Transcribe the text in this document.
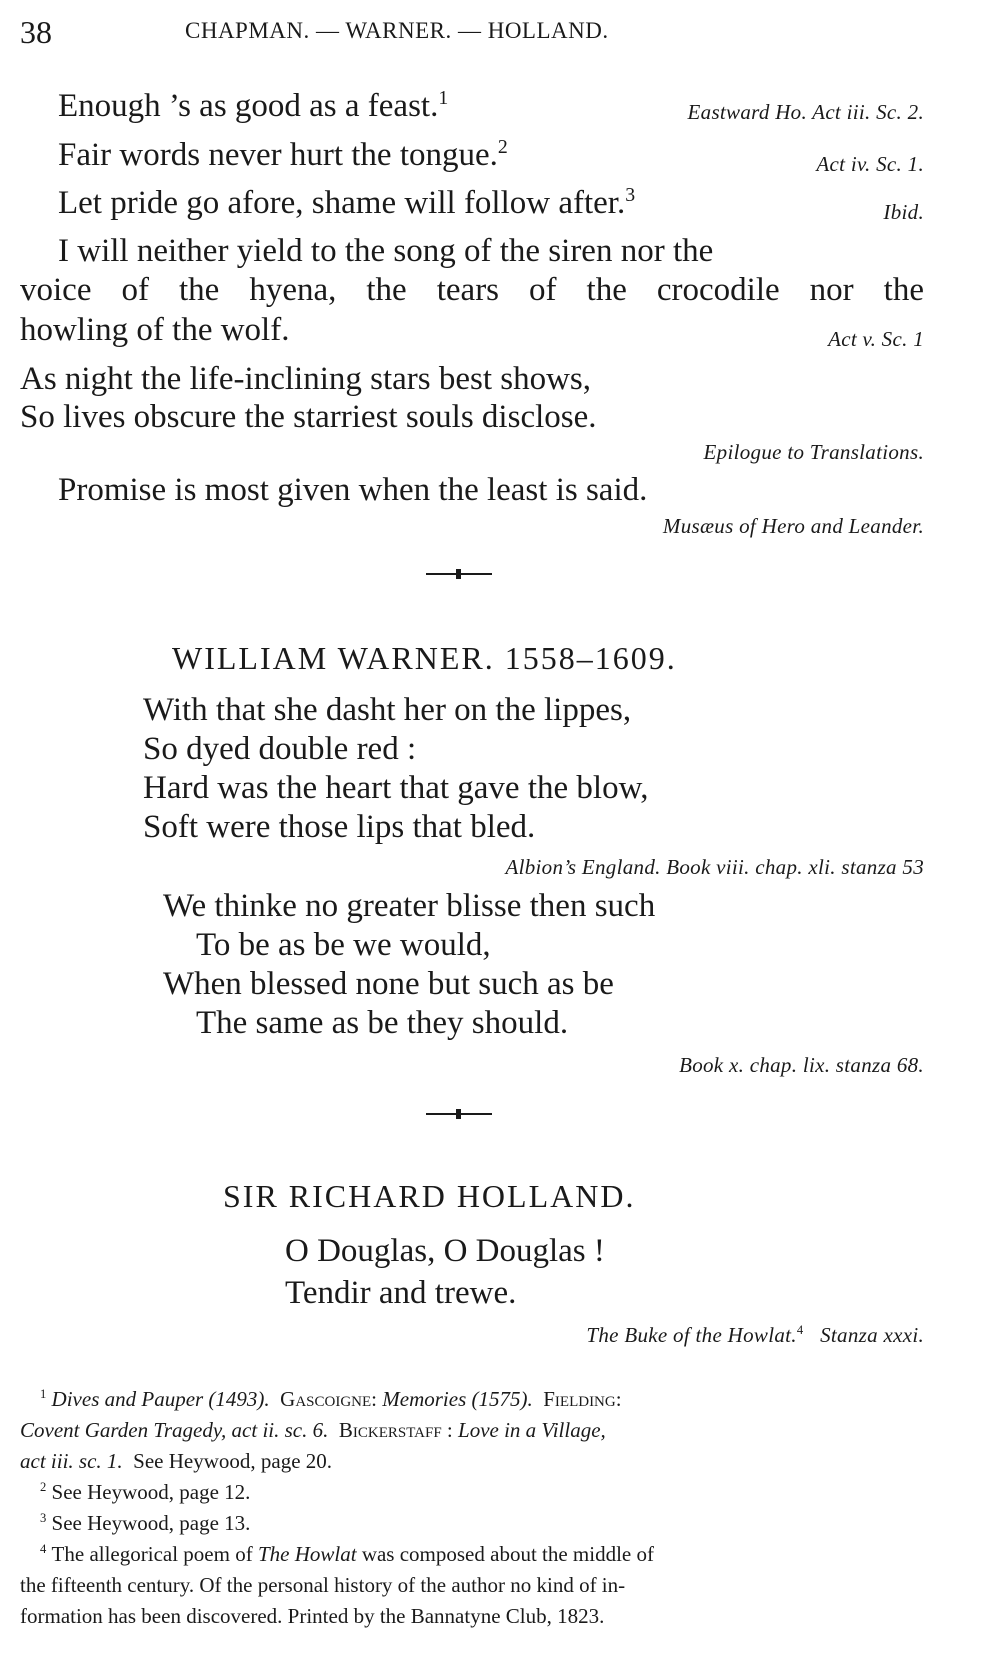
38	CHAPMAN. — WARNER. — HOLLAND.
Enough ’s as good as a feast.$^1$
Eastward Ho. Act iii. Sc. 2.
Fair words never hurt the tongue.$^2$
Act iv. Sc. 1.
Let pride go afore, shame will follow after.$^3$
Ibid.
I will neither yield to the song of the siren nor the
voice of the hyena, the tears of the crocodile nor the
howling of the wolf.	Act v. Sc. 1
As night the life-inclining stars best shows,
So lives obscure the starriest souls disclose.
Epilogue to Translations.
Promise is most given when the least is said.
Musæus of Hero and Leander.
WILLIAM WARNER. 1558–1609.
With that she dasht her on the lippes,
So dyed double red :
Hard was the heart that gave the blow,
Soft were those lips that bled.
Albion’s England. Book viii. chap. xli. stanza 53
We thinke no greater blisse then such
To be as be we would,
When blessed none but such as be
The same as be they should.
Book x. chap. lix. stanza 68.
SIR RICHARD HOLLAND.
O Douglas, O Douglas !
Tendir and trewe.
The Buke of the Howlat.$^4$ Stanza xxxi.
$^1$ Dives and Pauper (1493). Gascoigne: Memories (1575). Fielding:
Covent Garden Tragedy, act ii. sc. 6. Bickerstaff : Love in a Village,
act iii. sc. 1. See Heywood, page 20.
$^2$ See Heywood, page 12.
$^3$ See Heywood, page 13.
$^4$ The allegorical poem of The Howlat was composed about the middle of
the fifteenth century. Of the personal history of the author no kind of in-
formation has been discovered. Printed by the Bannatyne Club, 1823.
